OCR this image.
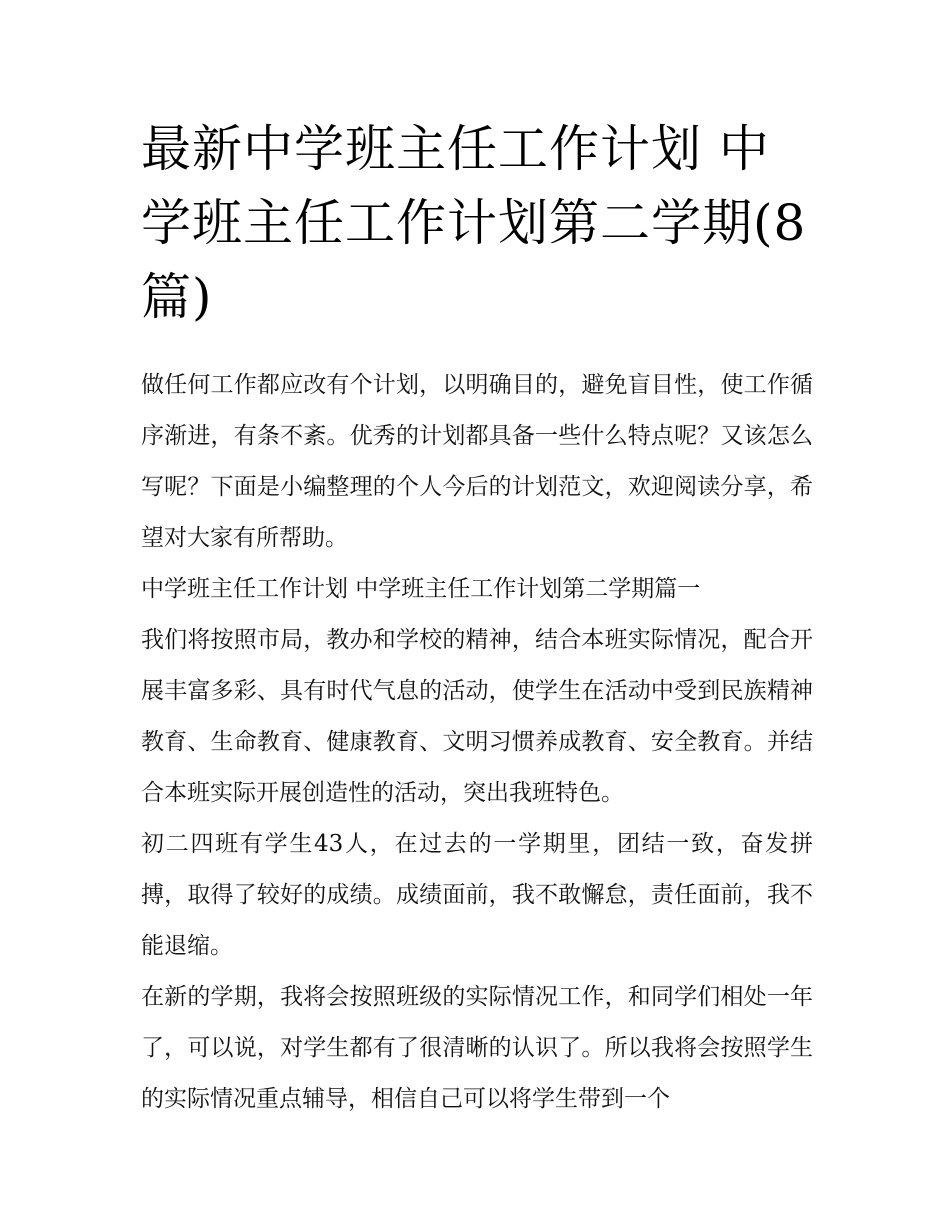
最新中学班主任工作计划 中学班主任工作计划第二学期(8篇)

做任何工作都应改有个计划，以明确目的，避免盲目性，使工作循序渐进，有条不紊。优秀的计划都具备一些什么特点呢？又该怎么写呢？下面是小编整理的个人今后的计划范文，欢迎阅读分享，希望对大家有所帮助。

中学班主任工作计划 中学班主任工作计划第二学期篇一

我们将按照市局，教办和学校的精神，结合本班实际情况，配合开展丰富多彩、具有时代气息的活动，使学生在活动中受到民族精神教育、生命教育、健康教育、文明习惯养成教育、安全教育。并结合本班实际开展创造性的活动，突出我班特色。

初二四班有学生43人，在过去的一学期里，团结一致，奋发拼搏，取得了较好的成绩。成绩面前，我不敢懈怠，责任面前，我不能退缩。

在新的学期，我将会按照班级的实际情况工作，和同学们相处一年了，可以说，对学生都有了很清晰的认识了。所以我将会按照学生的实际情况重点辅导，相信自己可以将学生带到一个
